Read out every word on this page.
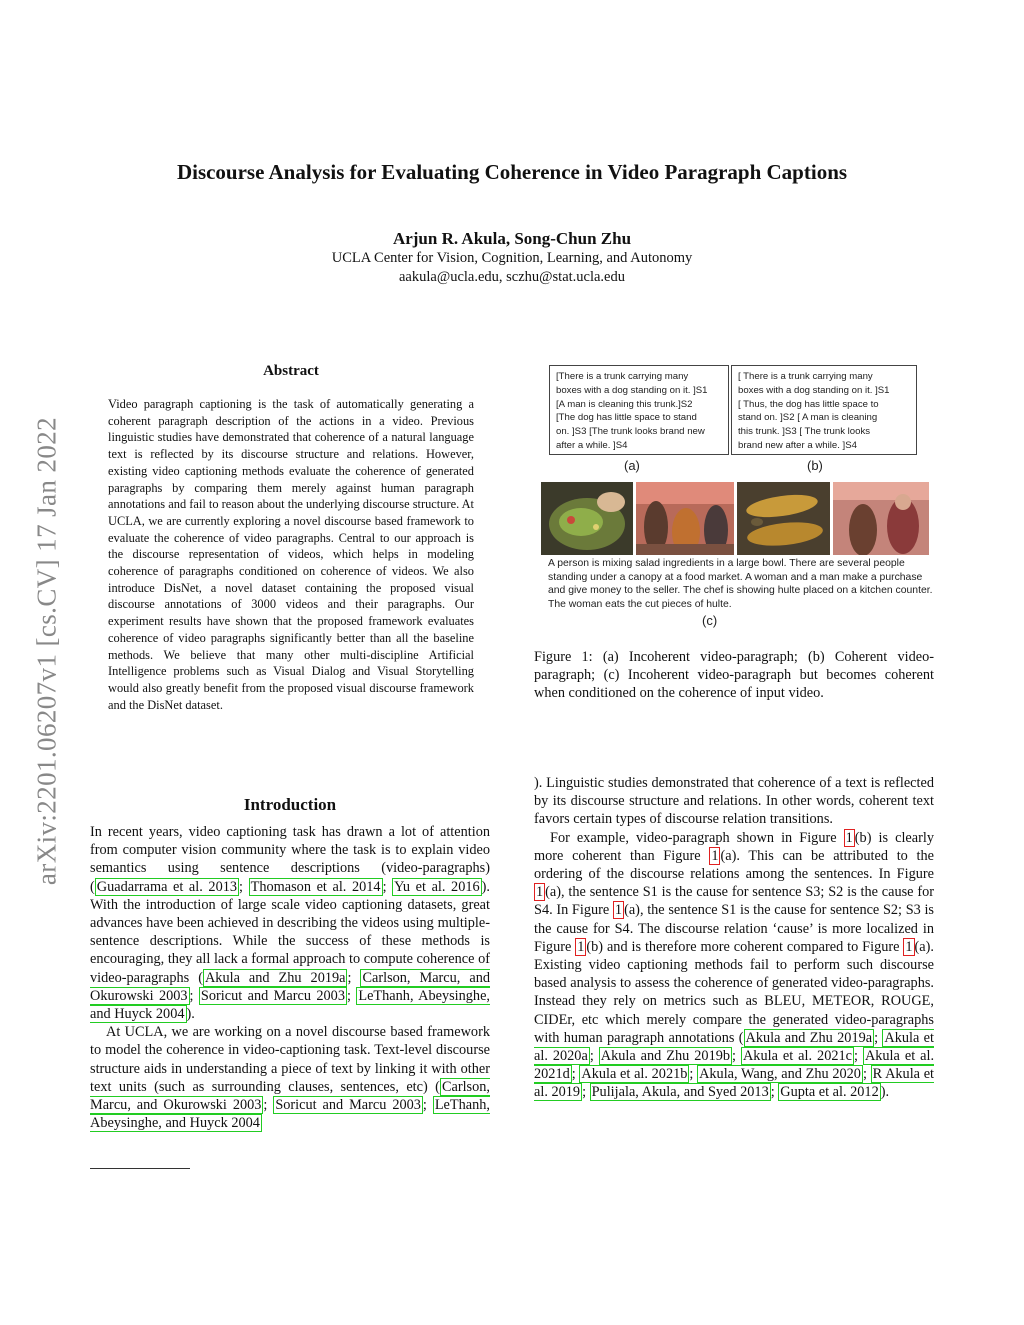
Discourse Analysis for Evaluating Coherence in Video Paragraph Captions
Arjun R. Akula, Song-Chun Zhu
UCLA Center for Vision, Cognition, Learning, and Autonomy
aakula@ucla.edu, sczhu@stat.ucla.edu
arXiv:2201.06207v1 [cs.CV] 17 Jan 2022
Abstract
Video paragraph captioning is the task of automatically generating a coherent paragraph description of the actions in a video. Previous linguistic studies have demonstrated that coherence of a natural language text is reflected by its discourse structure and relations. However, existing video captioning methods evaluate the coherence of generated paragraphs by comparing them merely against human paragraph annotations and fail to reason about the underlying discourse structure. At UCLA, we are currently exploring a novel discourse based framework to evaluate the coherence of video paragraphs. Central to our approach is the discourse representation of videos, which helps in modeling coherence of paragraphs conditioned on coherence of videos. We also introduce DisNet, a novel dataset containing the proposed visual discourse annotations of 3000 videos and their paragraphs. Our experiment results have shown that the proposed framework evaluates coherence of video paragraphs significantly better than all the baseline methods. We believe that many other multi-discipline Artificial Intelligence problems such as Visual Dialog and Visual Storytelling would also greatly benefit from the proposed visual discourse framework and the DisNet dataset.
Introduction

In recent years, video captioning task has drawn a lot of attention from computer vision community where the task is to explain video semantics using sentence descriptions (video-paragraphs) ( Guadarrama et al. 2013 ; Thomason et al. 2014 ; Yu et al. 2016 ). With the introduction of large scale video captioning datasets, great advances have been achieved in describing the videos using multiple-sentence descriptions. While the success of these methods is encouraging, they all lack a formal approach to compute coherence of video-paragraphs ( Akula and Zhu 2019a ; Carlson, Marcu, and Okurowski 2003 ; Soricut and Marcu 2003 ; LeThanh, Abeysinghe, and Huyck 2004 ).

At UCLA, we are working on a novel discourse based framework to model the coherence in video-captioning task. Text-level discourse structure aids in understanding a piece of text by linking it with other text units (such as surrounding clauses, sentences, etc) ( Carlson, Marcu, and Okurowski 2003 ; Soricut and Marcu 2003 ; LeThanh, Abeysinghe, and Huyck 2004

[There is a trunk carrying many
boxes with a dog standing on it. ]S1
[A man is cleaning this trunk.]S2
[The dog has little space to stand
on. ]S3 [The trunk looks brand new
after a while. ]S4
[ There is a trunk carrying many
boxes with a dog standing on it. ]S1
[ Thus, the dog has little space to
stand on. ]S2 [ A man is cleaning
this trunk. ]S3 [ The trunk looks
brand new after a while. ]S4
(a)	(b)
A person is mixing salad ingredients in a large bowl. There are several people standing under a canopy at a food market. A woman and a man make a purchase and give money to the seller. The chef is showing hulte placed on a kitchen counter. The woman eats the cut pieces of hulte.
(c)
Figure 1: (a) Incoherent video-paragraph; (b) Coherent video-paragraph; (c) Incoherent video-paragraph but becomes coherent when conditioned on the coherence of input video.

). Linguistic studies demonstrated that coherence of a text is reflected by its discourse structure and relations. In other words, coherent text favors certain types of discourse relation transitions.

For example, video-paragraph shown in Figure 1 (b) is clearly more coherent than Figure 1 (a). This can be attributed to the ordering of the discourse relations among the sentences. In Figure 1 (a), the sentence S1 is the cause for sentence S3; S2 is the cause for S4. In Figure 1 (a), the sentence S1 is the cause for sentence S2; S3 is the cause for S4. The discourse relation ‘cause’ is more localized in Figure 1 (b) and is therefore more coherent compared to Figure 1 (a). Existing video captioning methods fail to perform such discourse based analysis to assess the coherence of generated video-paragraphs. Instead they rely on metrics such as BLEU, METEOR, ROUGE, CIDEr, etc which merely compare the generated video-paragraphs with human paragraph annotations ( Akula and Zhu 2019a ; Akula et al. 2020a ; Akula and Zhu 2019b ; Akula et al. 2021c ; Akula et al. 2021d ; Akula et al. 2021b ; Akula, Wang, and Zhu 2020 ; R Akula et al. 2019 ; Pulijala, Akula, and Syed 2013 ; Gupta et al. 2012 ).
